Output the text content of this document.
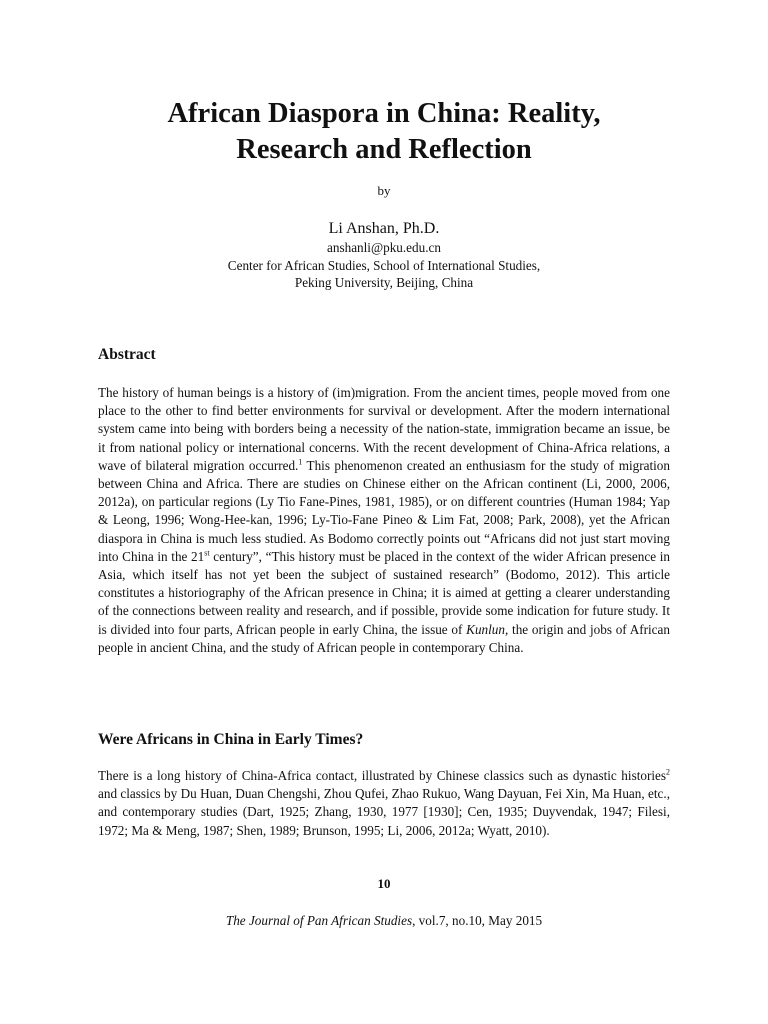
African Diaspora in China: Reality,
Research and Reflection
by
Li Anshan, Ph.D.
anshanli@pku.edu.cn
Center for African Studies, School of International Studies,
Peking University, Beijing, China
Abstract

The history of human beings is a history of (im)migration. From the ancient times, people moved from one place to the other to find better environments for survival or development. After the modern international system came into being with borders being a necessity of the nation-state, immigration became an issue, be it from national policy or international concerns. With the recent development of China-Africa relations, a wave of bilateral migration occurred.$^1$ This phenomenon created an enthusiasm for the study of migration between China and Africa. There are studies on Chinese either on the African continent (Li, 2000, 2006, 2012a), on particular regions (Ly Tio Fane-Pines, 1981, 1985), or on different countries (Human 1984; Yap & Leong, 1996; Wong-Hee-kan, 1996; Ly-Tio-Fane Pineo & Lim Fat, 2008; Park, 2008), yet the African diaspora in China is much less studied. As Bodomo correctly points out “Africans did not just start moving into China in the 21st century”, “This history must be placed in the context of the wider African presence in Asia, which itself has not yet been the subject of sustained research” (Bodomo, 2012). This article constitutes a historiography of the African presence in China; it is aimed at getting a clearer understanding of the connections between reality and research, and if possible, provide some indication for future study. It is divided into four parts, African people in early China, the issue of Kunlun, the origin and jobs of African people in ancient China, and the study of African people in contemporary China.

Were Africans in China in Early Times?

There is a long history of China-Africa contact, illustrated by Chinese classics such as dynastic histories$^2$ and classics by Du Huan, Duan Chengshi, Zhou Qufei, Zhao Rukuo, Wang Dayuan, Fei Xin, Ma Huan, etc., and contemporary studies (Dart, 1925; Zhang, 1930, 1977 [1930]; Cen, 1935; Duyvendak, 1947; Filesi, 1972; Ma & Meng, 1987; Shen, 1989; Brunson, 1995; Li, 2006, 2012a; Wyatt, 2010).

10
The Journal of Pan African Studies, vol.7, no.10, May 2015
